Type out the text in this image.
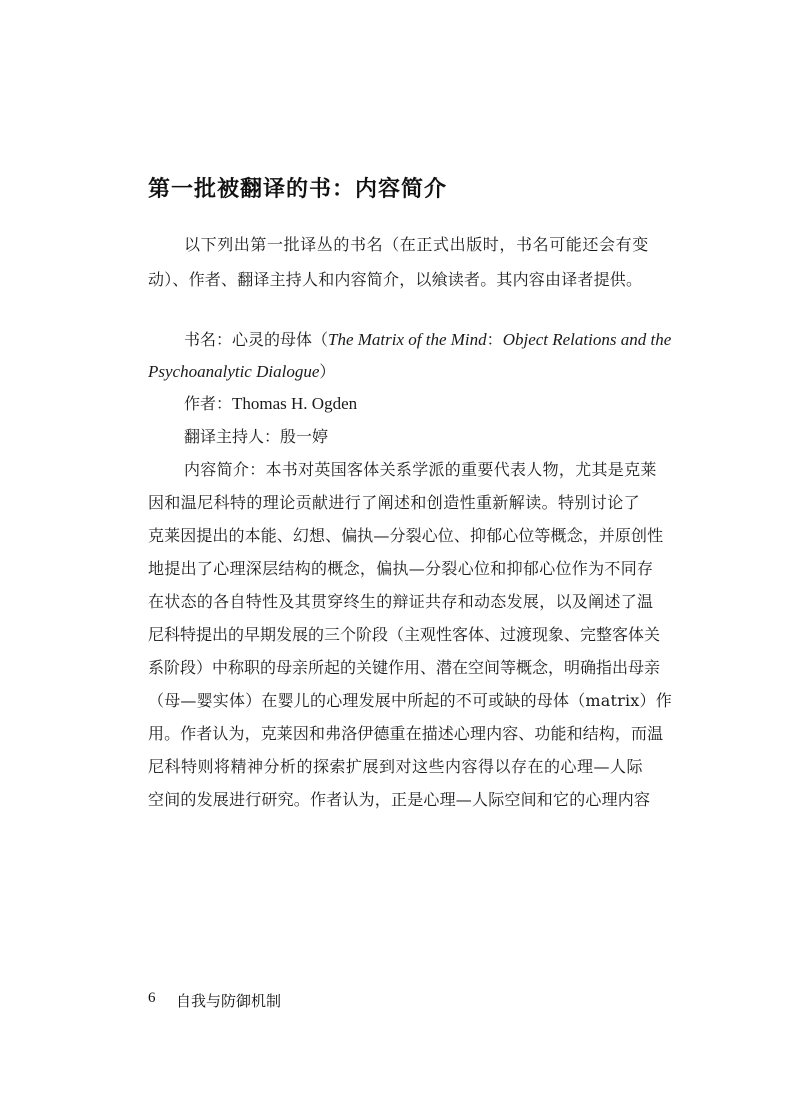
第一批被翻译的书：内容简介
以下列出第一批译丛的书名（在正式出版时，书名可能还会有变
动）、作者、翻译主持人和内容简介，以飨读者。其内容由译者提供。
书名：心灵的母体（The Matrix of the Mind：Object Relations and the
Psychoanalytic Dialogue）
作者：Thomas H. Ogden
翻译主持人：殷一婷
内容简介：本书对英国客体关系学派的重要代表人物，尤其是克莱
因和温尼科特的理论贡献进行了阐述和创造性重新解读。特别讨论了
克莱因提出的本能、幻想、偏执—分裂心位、抑郁心位等概念，并原创性
地提出了心理深层结构的概念，偏执—分裂心位和抑郁心位作为不同存
在状态的各自特性及其贯穿终生的辩证共存和动态发展，以及阐述了温
尼科特提出的早期发展的三个阶段（主观性客体、过渡现象、完整客体关
系阶段）中称职的母亲所起的关键作用、潜在空间等概念，明确指出母亲
（母—婴实体）在婴儿的心理发展中所起的不可或缺的母体（matrix）作
用。作者认为，克莱因和弗洛伊德重在描述心理内容、功能和结构，而温
尼科特则将精神分析的探索扩展到对这些内容得以存在的心理—人际
空间的发展进行研究。作者认为，正是心理—人际空间和它的心理内容
6 自我与防御机制
